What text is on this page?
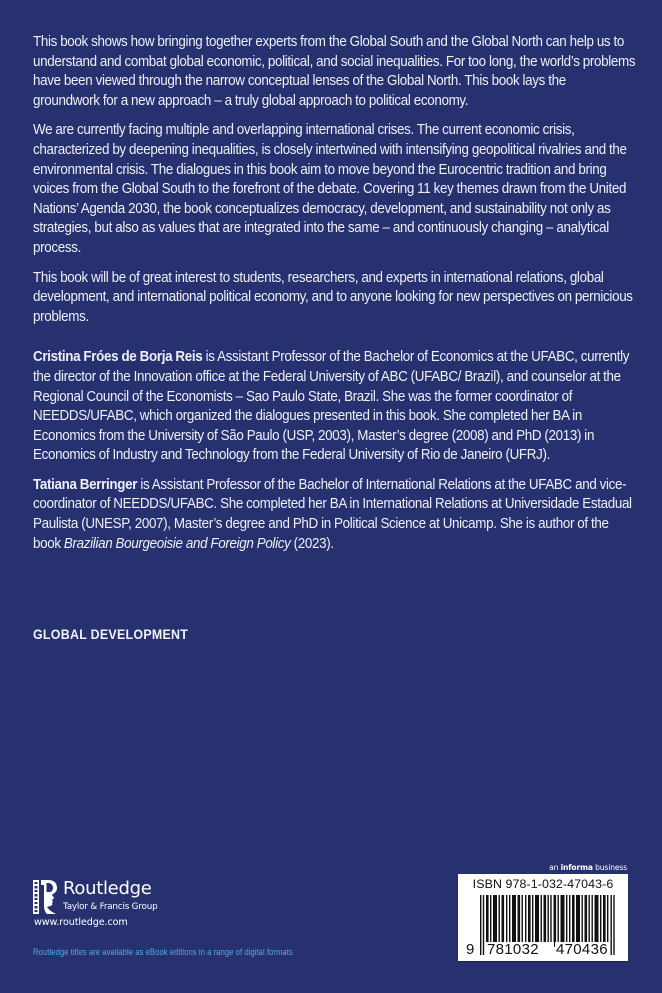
This book shows how bringing together experts from the Global South and the Global North can help us to understand and combat global economic, political, and social inequalities. For too long, the world’s problems have been viewed through the narrow conceptual lenses of the Global North. This book lays the groundwork for a new approach – a truly global approach to political economy.

We are currently facing multiple and overlapping international crises. The current economic crisis, characterized by deepening inequalities, is closely intertwined with intensifying geopolitical rivalries and the environmental crisis. The dialogues in this book aim to move beyond the Eurocentric tradition and bring voices from the Global South to the forefront of the debate. Covering 11 key themes drawn from the United Nations’ Agenda 2030, the book conceptualizes democracy, development, and sustainability not only as strategies, but also as values that are integrated into the same – and continuously changing – analytical process.

This book will be of great interest to students, researchers, and experts in international relations, global development, and international political economy, and to anyone looking for new perspectives on pernicious problems.

Cristina Fróes de Borja Reis is Assistant Professor of the Bachelor of Economics at the UFABC, currently the director of the Innovation office at the Federal University of ABC (UFABC/ Brazil), and counselor at the Regional Council of the Economists – Sao Paulo State, Brazil. She was the former coordinator of NEEDDS/UFABC, which organized the dialogues presented in this book. She completed her BA in Economics from the University of São Paulo (USP, 2003), Master’s degree (2008) and PhD (2013) in Economics of Industry and Technology from the Federal University of Rio de Janeiro (UFRJ).

Tatiana Berringer is Assistant Professor of the Bachelor of International Relations at the UFABC and vice-coordinator of NEEDDS/UFABC. She completed her BA in International Relations at Universidade Estadual Paulista (UNESP, 2007), Master’s degree and PhD in Political Science at Unicamp. She is author of the book Brazilian Bourgeoisie and Foreign Policy (2023).

GLOBAL DEVELOPMENT
Routledge
Taylor & Francis Group
www.routledge.com
Routledge titles are available as eBook editions in a range of digital formats
an informa business
ISBN 978-1-032-47043-6
9 781032	470436
